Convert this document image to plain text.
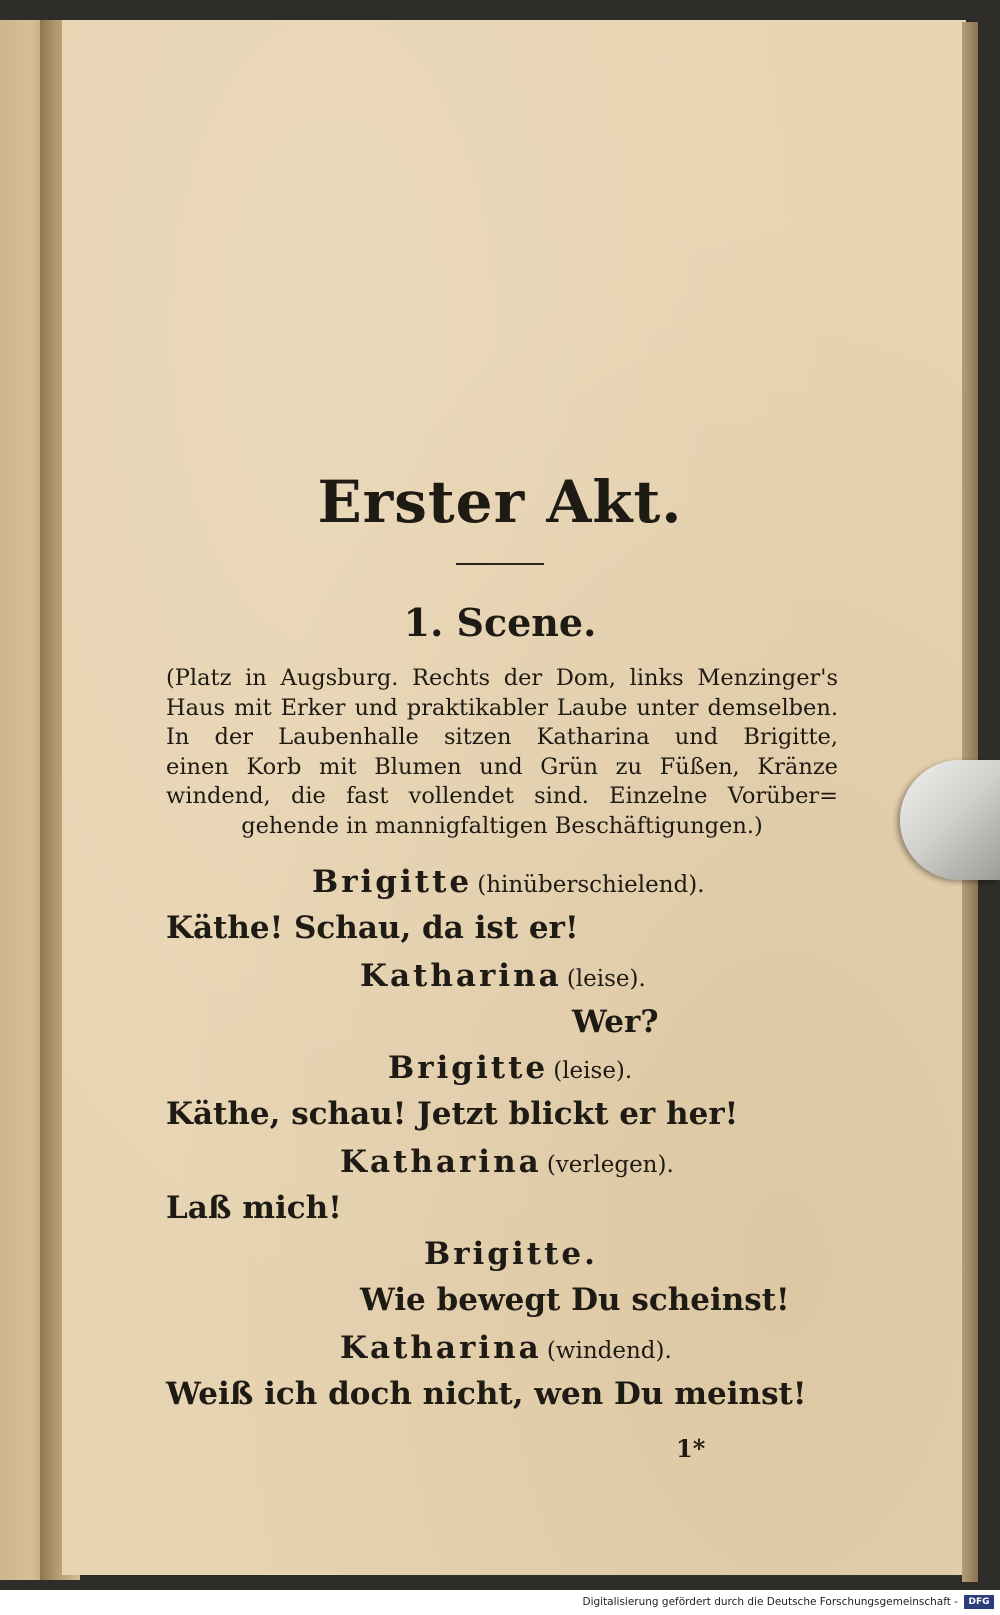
Erster Akt.
1. Scene.
(Platz in Augsburg. Rechts der Dom, links Menzinger's
Haus mit Erker und praktikabler Laube unter demselben.
In der Laubenhalle sitzen Katharina und Brigitte,
einen Korb mit Blumen und Grün zu Füßen, Kränze
windend, die fast vollendet sind. Einzelne Vorüber=
gehende in mannigfaltigen Beschäftigungen.)
Brigitte (hinüberschielend).
Käthe! Schau, da ist er!
Katharina (leise).
Wer?
Brigitte (leise).
Käthe, schau! Jetzt blickt er her!
Katharina (verlegen).
Laß mich!
Brigitte.
Wie bewegt Du scheinst!
Katharina (windend).
Weiß ich doch nicht, wen Du meinst!
1*
Digitalisierung gefördert durch die Deutsche Forschungsgemeinschaft -	DFG
